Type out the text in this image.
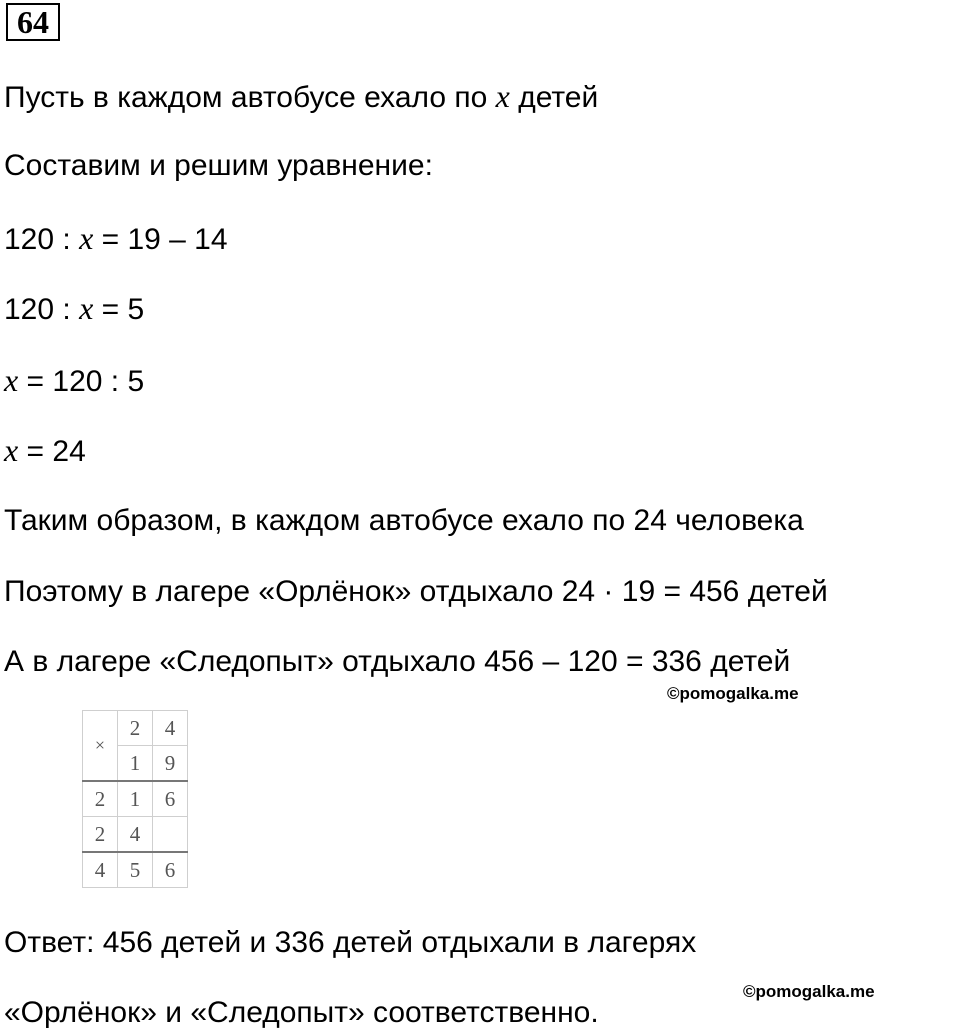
64
Пусть в каждом автобусе ехало по x детей
Составим и решим уравнение:
120 : x = 19 – 14
120 : x = 5
x = 120 : 5
x = 24
Таким образом, в каждом автобусе ехало по 24 человека
Поэтому в лагере «Орлёнок» отдыхало 24 · 19 = 456 детей
А в лагере «Следопыт» отдыхало 456 – 120 = 336 детей
©pomogalka.me
×	2	4
	1	9
2	1	6
2	4	
4	5	6
Ответ: 456 детей и 336 детей отдыхали в лагерях
«Орлёнок» и «Следопыт» соответственно.
©pomogalka.me
